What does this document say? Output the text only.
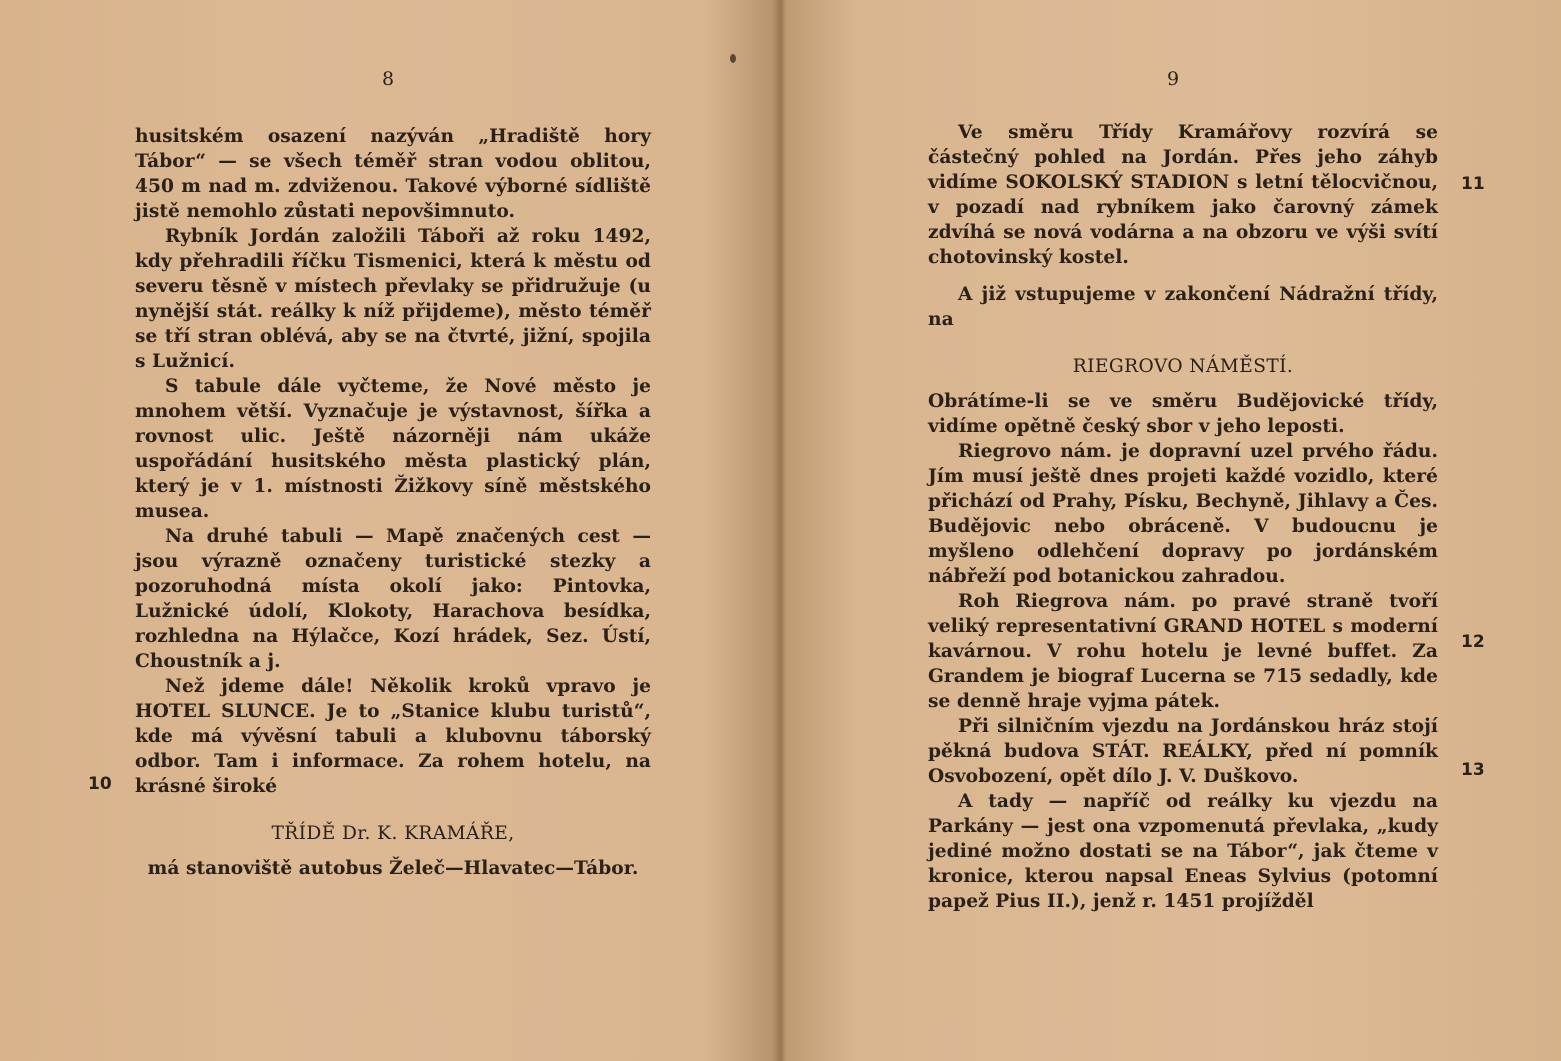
8

husitském osazení nazýván „Hradiště hory Tábor“ — se všech téměř stran vodou oblitou, 450 m nad m. zdviženou. Takové výborné sídliště jistě nemohlo zůstati nepovšimnuto.

Rybník Jordán založili Táboři až roku 1492, kdy přehradili říčku Tismenici, která k městu od severu těsně v místech převlaky se přidružuje (u nynější stát. reálky k níž přijdeme), město téměř se tří stran oblévá, aby se na čtvrté, jižní, spojila s Lužnicí.

S tabule dále vyčteme, že Nové město je mnohem větší. Vyznačuje je výstavnost, šířka a rovnost ulic. Ještě názorněji nám ukáže uspořádání husitského města plastický plán, který je v 1. místnosti Žižkovy síně městského musea.

Na druhé tabuli — Mapě značených cest — jsou výrazně označeny turistické stezky a pozoruhodná místa okolí jako: Pintovka, Lužnické údolí, Klokoty, Harachova besídka, rozhledna na Hýlačce, Kozí hrádek, Sez. Ústí, Choustník a j.

Než jdeme dále! Několik kroků vpravo je HOTEL SLUNCE. Je to „Stanice klubu turistů“, kde má vývěsní tabuli a klubovnu táborský odbor. Tam i informace. Za rohem hotelu, na krásné široké

TŘÍDĚ Dr. K. KRAMÁŘE,

má stanoviště autobus Želeč—Hlavatec—Tábor.

10
9

Ve směru Třídy Kramářovy rozvírá se částečný pohled na Jordán. Přes jeho záhyb vidíme SOKOLSKÝ STADION s letní tělocvičnou, v pozadí nad rybníkem jako čarovný zámek zdvíhá se nová vodárna a na obzoru ve výši svítí chotovinský kostel.

A již vstupujeme v zakončení Nádražní třídy, na

RIEGROVO NÁMĚSTÍ.

Obrátíme-li se ve směru Budějovické třídy, vidíme opětně český sbor v jeho leposti.

Riegrovo nám. je dopravní uzel prvého řádu. Jím musí ještě dnes projeti každé vozidlo, které přichází od Prahy, Písku, Bechyně, Jihlavy a Čes. Budějovic nebo obráceně. V budoucnu je myšleno odlehčení dopravy po jordánském nábřeží pod botanickou zahradou.

Roh Riegrova nám. po pravé straně tvoří veliký representativní GRAND HOTEL s moderní kavárnou. V rohu hotelu je levné buffet. Za Grandem je biograf Lucerna se 715 sedadly, kde se denně hraje vyjma pátek.

Při silničním vjezdu na Jordánskou hráz stojí pěkná budova STÁT. REÁLKY, před ní pomník Osvobození, opět dílo J. V. Duškovo.

A tady — napříč od reálky ku vjezdu na Parkány — jest ona vzpomenutá převlaka, „kudy jediné možno dostati se na Tábor“, jak čteme v kronice, kterou napsal Eneas Sylvius (potomní papež Pius II.), jenž r. 1451 projížděl

11
12
13
